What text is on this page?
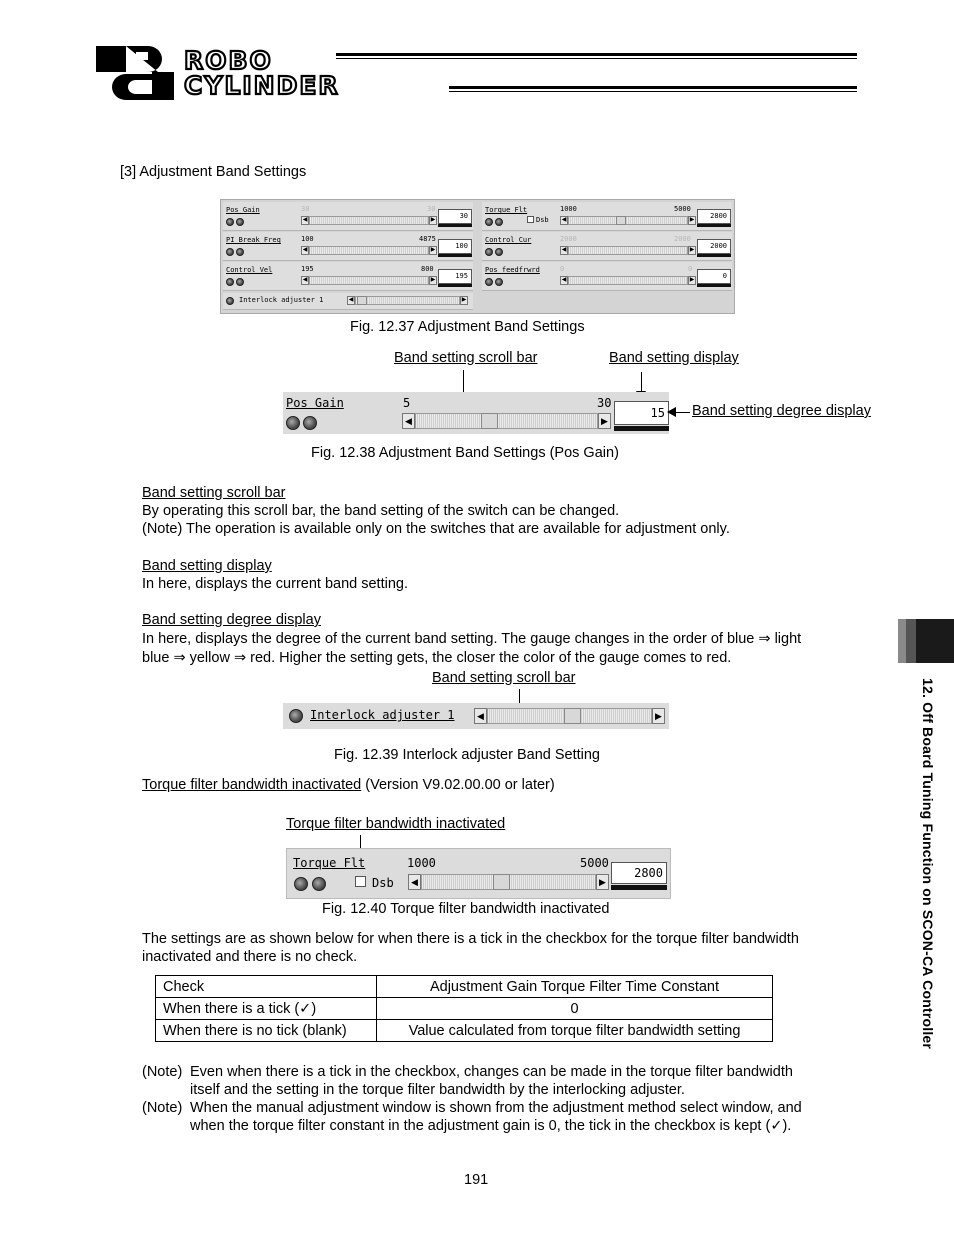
ROBO
CYLINDER
[3] Adjustment Band Settings
Pos Gain	30	30
◀	▶	30
PI Break Freq	100	4875
◀	▶	100
Control Vel	195	800
◀	▶	195
Interlock adjuster 1	◀	▶
Torque Flt
Dsb
1000	5000
◀	▶	2800
Control Cur	2000	2000
◀	▶	2000
Pos feedfrwrd	0	0
◀	▶	0
Fig. 12.37 Adjustment Band Settings
Band setting scroll bar	Band setting display
Pos Gain	5	30
◀	▶
15 Band setting degree display
Fig. 12.38 Adjustment Band Settings (Pos Gain)
Band setting scroll bar
By operating this scroll bar, the band setting of the switch can be changed.
(Note) The operation is available only on the switches that are available for adjustment only.
Band setting display
In here, displays the current band setting.
Band setting degree display
In here, displays the degree of the current band setting. The gauge changes in the order of blue ⇒ light
blue ⇒ yellow ⇒ red. Higher the setting gets, the closer the color of the gauge comes to red.
Band setting scroll bar
Interlock adjuster 1	◀	▶
Fig. 12.39 Interlock adjuster Band Setting
Torque filter bandwidth inactivated (Version V9.02.00.00 or later)
Torque filter bandwidth inactivated
Torque Flt
Dsb
1000	5000
◀	▶
2800
Fig. 12.40 Torque filter bandwidth inactivated
The settings are as shown below for when there is a tick in the checkbox for the torque filter bandwidth
inactivated and there is no check.
Check	Adjustment Gain Torque Filter Time Constant
When there is a tick (✓)	0
When there is no tick (blank)	Value calculated from torque filter bandwidth setting
(Note) Even when there is a tick in the checkbox, changes can be made in the torque filter bandwidth
itself and the setting in the torque filter bandwidth by the interlocking adjuster.
(Note) When the manual adjustment window is shown from the adjustment method select window, and
when the torque filter constant in the adjustment gain is 0, the tick in the checkbox is kept (✓).
191
12. Off Board Tuning Function on SCON-CA Controller
